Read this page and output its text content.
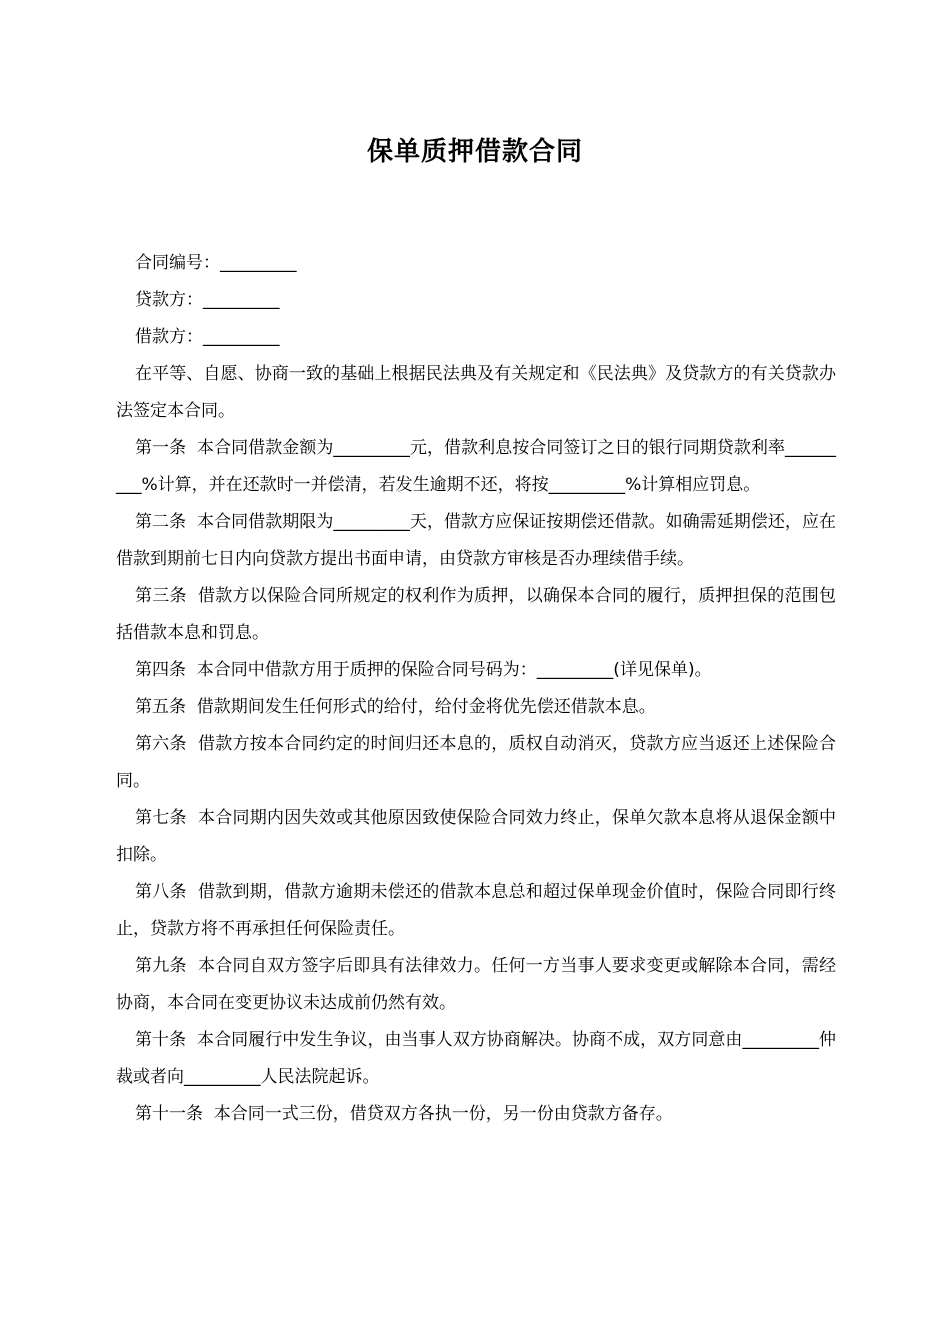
保单质押借款合同

合同编号：_________

贷款方：_________

借款方：_________

在平等、自愿、协商一致的基础上根据民法典及有关规定和《民法典》及贷款方的有关贷款办法签定本合同。

第一条  本合同借款金额为_________元，借款利息按合同签订之日的银行同期贷款利率_________%计算，并在还款时一并偿清，若发生逾期不还，将按_________%计算相应罚息。

第二条  本合同借款期限为_________天，借款方应保证按期偿还借款。如确需延期偿还，应在借款到期前七日内向贷款方提出书面申请，由贷款方审核是否办理续借手续。

第三条  借款方以保险合同所规定的权利作为质押，以确保本合同的履行，质押担保的范围包括借款本息和罚息。

第四条  本合同中借款方用于质押的保险合同号码为：_________(详见保单)。

第五条  借款期间发生任何形式的给付，给付金将优先偿还借款本息。

第六条  借款方按本合同约定的时间归还本息的，质权自动消灭，贷款方应当返还上述保险合同。

第七条  本合同期内因失效或其他原因致使保险合同效力终止，保单欠款本息将从退保金额中扣除。

第八条  借款到期，借款方逾期未偿还的借款本息总和超过保单现金价值时，保险合同即行终止，贷款方将不再承担任何保险责任。

第九条  本合同自双方签字后即具有法律效力。任何一方当事人要求变更或解除本合同，需经协商，本合同在变更协议未达成前仍然有效。

第十条  本合同履行中发生争议，由当事人双方协商解决。协商不成，双方同意由_________仲裁或者向_________人民法院起诉。

第十一条  本合同一式三份，借贷双方各执一份，另一份由贷款方备存。
